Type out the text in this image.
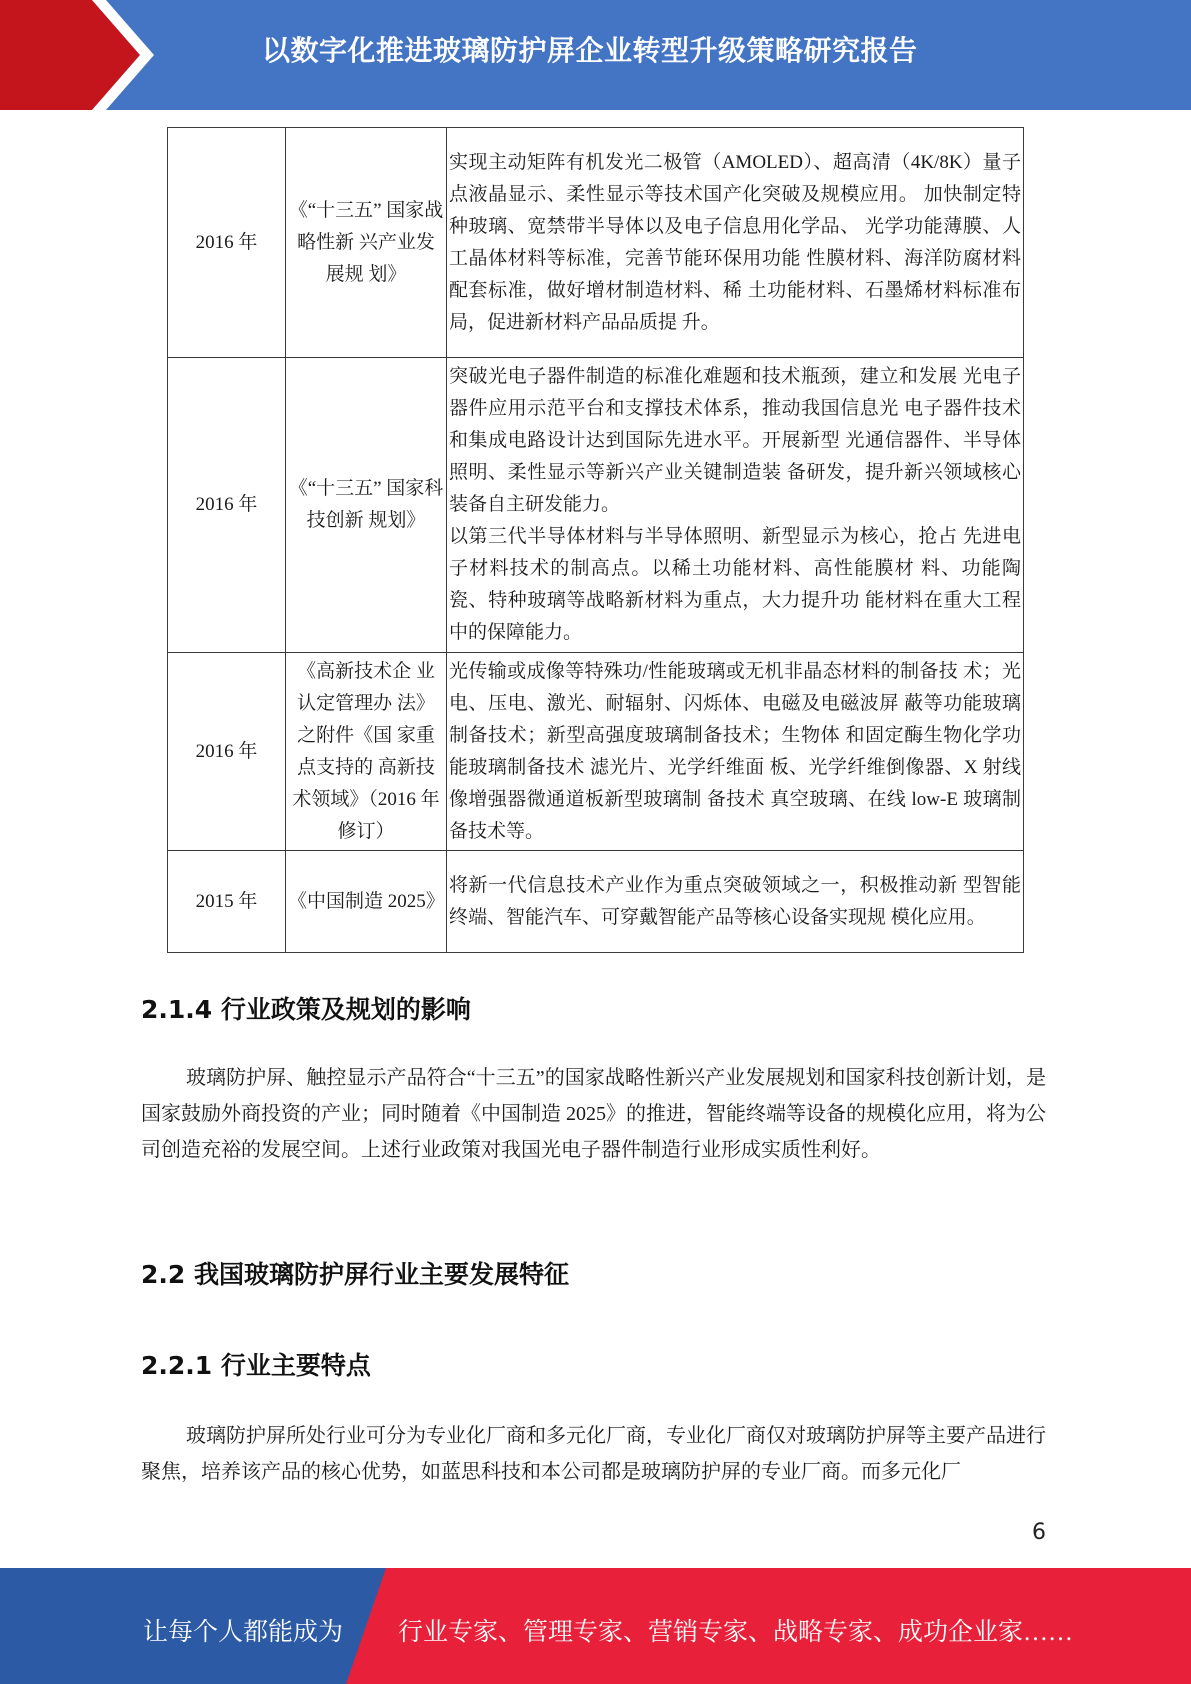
以数字化推进玻璃防护屏企业转型升级策略研究报告
2016 年	《“十三五” 国家战略性新 兴产业发展规 划》	实现主动矩阵有机发光二极管（AMOLED）、超高清（4K/8K）量子点液晶显示、柔性显示等技术国产化突破及规模应用。 加快制定特种玻璃、宽禁带半导体以及电子信息用化学品、 光学功能薄膜、人工晶体材料等标准，完善节能环保用功能 性膜材料、海洋防腐材料配套标准，做好增材制造材料、稀 土功能材料、石墨烯材料标准布局，促进新材料产品品质提 升。

2016 年	《“十三五” 国家科技创新 规划》	突破光电子器件制造的标准化难题和技术瓶颈，建立和发展 光电子器件应用示范平台和支撑技术体系，推动我国信息光 电子器件技术和集成电路设计达到国际先进水平。开展新型 光通信器件、半导体照明、柔性显示等新兴产业关键制造装 备研发，提升新兴领域核心装备自主研发能力。

以第三代半导体材料与半导体照明、新型显示为核心，抢占 先进电子材料技术的制高点。以稀土功能材料、高性能膜材 料、功能陶瓷、特种玻璃等战略新材料为重点，大力提升功 能材料在重大工程中的保障能力。

2016 年	《高新技术企 业认定管理办 法》之附件《国 家重点支持的 高新技术领域》（2016 年修订）	光传输或成像等特殊功/性能玻璃或无机非晶态材料的制备技 术；光电、压电、激光、耐辐射、闪烁体、电磁及电磁波屏 蔽等功能玻璃制备技术；新型高强度玻璃制备技术；生物体 和固定酶生物化学功能玻璃制备技术 滤光片、光学纤维面 板、光学纤维倒像器、X 射线像增强器微通道板新型玻璃制 备技术 真空玻璃、在线 low-E 玻璃制备技术等。

2015 年	《中国制造 2025》	将新一代信息技术产业作为重点突破领域之一，积极推动新 型智能终端、智能汽车、可穿戴智能产品等核心设备实现规 模化应用。

2.1.4 行业政策及规划的影响

玻璃防护屏、触控显示产品符合“十三五”的国家战略性新兴产业发展规划和国家科技创新计划，是国家鼓励外商投资的产业；同时随着《中国制造 2025》的推进，智能终端等设备的规模化应用，将为公司创造充裕的发展空间。上述行业政策对我国光电子器件制造行业形成实质性利好。

2.2 我国玻璃防护屏行业主要发展特征
2.2.1 行业主要特点

玻璃防护屏所处行业可分为专业化厂商和多元化厂商，专业化厂商仅对玻璃防护屏等主要产品进行聚焦，培养该产品的核心优势，如蓝思科技和本公司都是玻璃防护屏的专业厂商。而多元化厂

6
让每个人都能成为 行业专家、管理专家、营销专家、战略专家、成功企业家……
